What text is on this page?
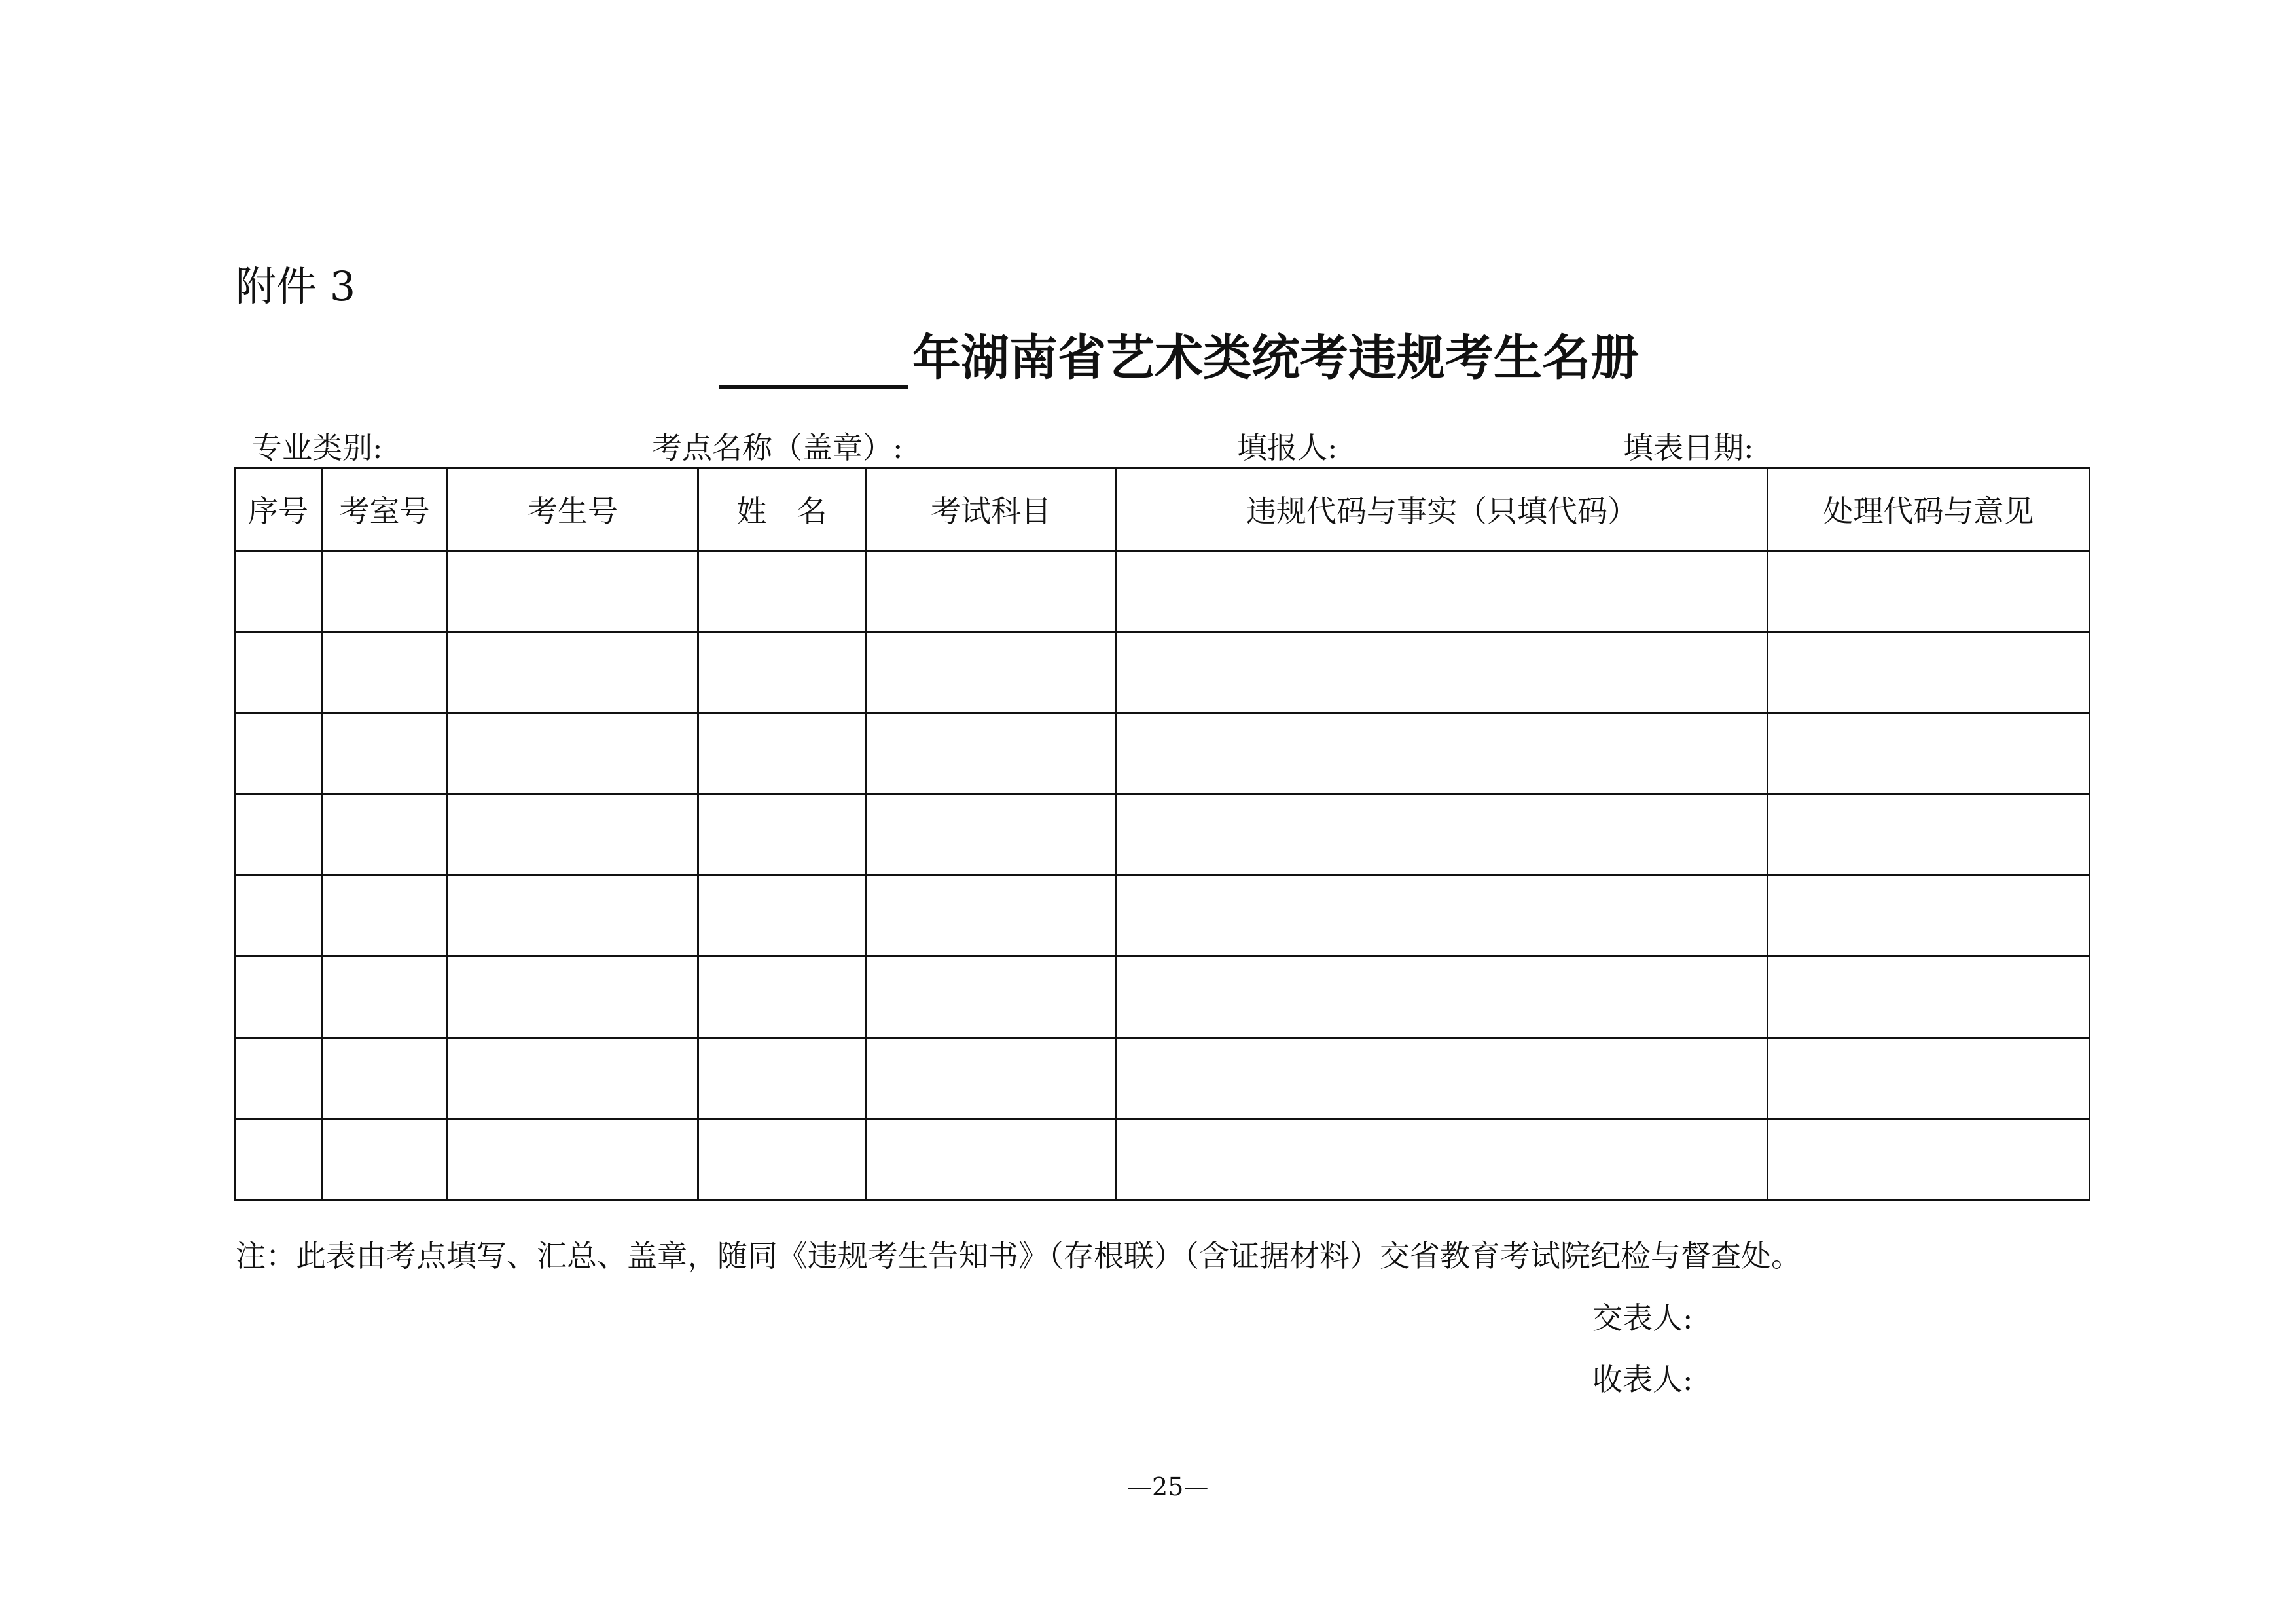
附件 3
年湖南省艺术类统考违规考生名册
专业类别:	考点名称（盖章）:	填报人:	填表日期:
序号	考室号	考生号	姓　名	考试科目	违规代码与事实（只填代码）	处理代码与意见

注：此表由考点填写、汇总、盖章，随同《违规考生告知书》（存根联）（含证据材料）交省教育考试院纪检与督查处。
交表人:
收表人:
—25—
